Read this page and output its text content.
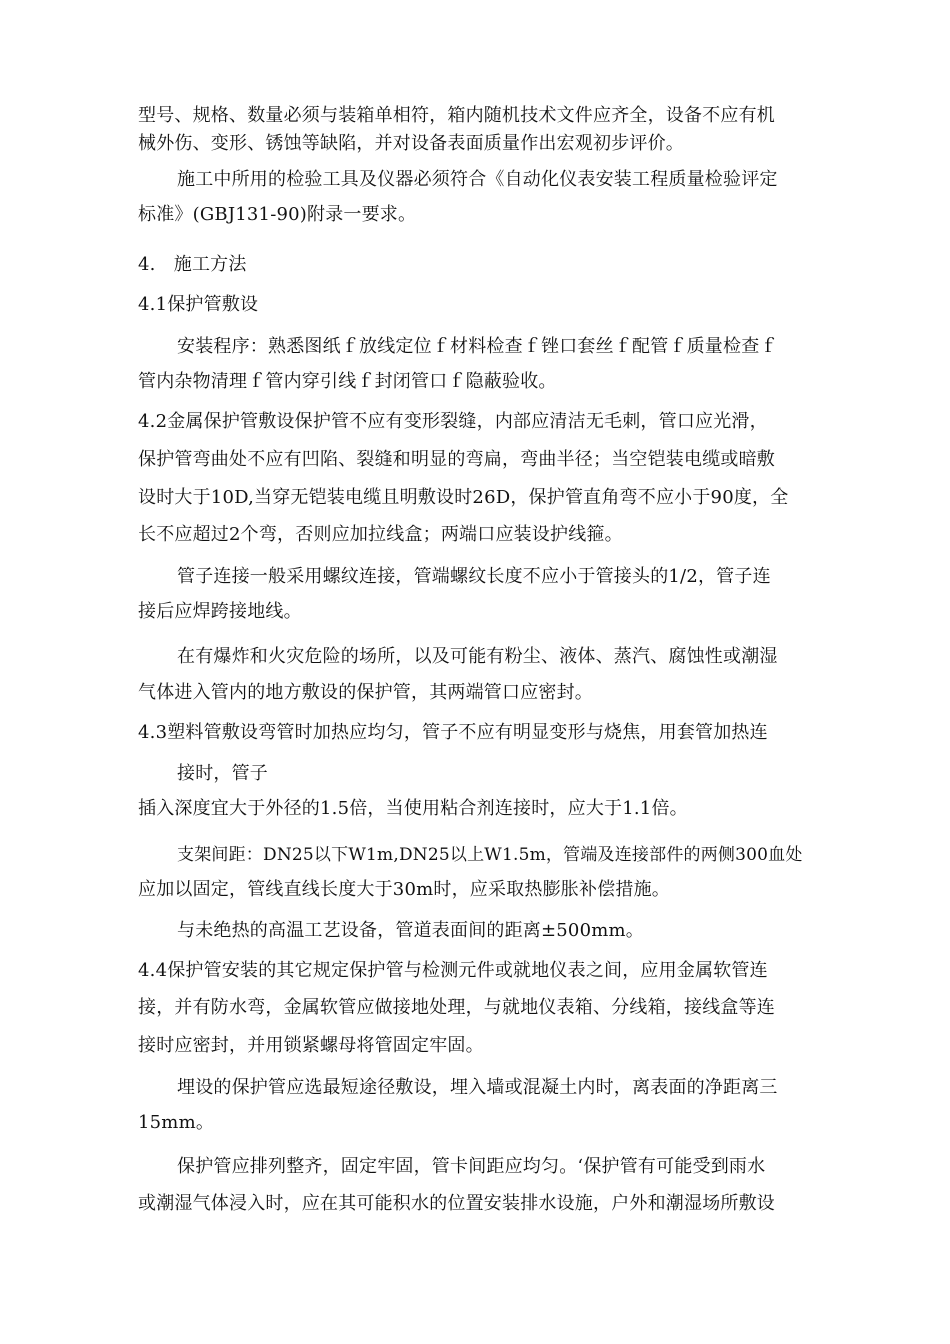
型号、规格、数量必须与装箱单相符，箱内随机技术文件应齐全，设备不应有机
械外伤、变形、锈蚀等缺陷，并对设备表面质量作出宏观初步评价。
施工中所用的检验工具及仪器必须符合《自动化仪表安装工程质量检验评定
标准》(GBJ131-90)附录一要求。
4.　施工方法
4.1保护管敷设
安装程序：熟悉图纸ｆ放线定位ｆ材料检查ｆ锉口套丝ｆ配管ｆ质量检查ｆ
管内杂物清理ｆ管内穿引线ｆ封闭管口ｆ隐蔽验收。
4.2金属保护管敷设保护管不应有变形裂缝，内部应清洁无毛刺，管口应光滑，
保护管弯曲处不应有凹陷、裂缝和明显的弯扁，弯曲半径；当空铠装电缆或暗敷
设时大于10D,当穿无铠装电缆且明敷设时26D，保护管直角弯不应小于90度，全
长不应超过2个弯，否则应加拉线盒；两端口应装设护线箍。
管子连接一般采用螺纹连接，管端螺纹长度不应小于管接头的1/2，管子连
接后应焊跨接地线。
在有爆炸和火灾危险的场所，以及可能有粉尘、液体、蒸汽、腐蚀性或潮湿
气体进入管内的地方敷设的保护管，其两端管口应密封。
4.3塑料管敷设弯管时加热应均匀，管子不应有明显变形与烧焦，用套管加热连
接时，管子
插入深度宜大于外径的1.5倍，当使用粘合剂连接时，应大于1.1倍。
支架间距：DN25以下W1m,DN25以上W1.5m，管端及连接部件的两侧300血处
应加以固定，管线直线长度大于30m时，应采取热膨胀补偿措施。
与未绝热的高温工艺设备，管道表面间的距离±500mm。
4.4保护管安装的其它规定保护管与检测元件或就地仪表之间，应用金属软管连
接，并有防水弯，金属软管应做接地处理，与就地仪表箱、分线箱，接线盒等连
接时应密封，并用锁紧螺母将管固定牢固。
埋设的保护管应选最短途径敷设，埋入墙或混凝土内时，离表面的净距离三
15mm。
保护管应排列整齐，固定牢固，管卡间距应均匀。‘保护管有可能受到雨水
或潮湿气体浸入时，应在其可能积水的位置安装排水设施，户外和潮湿场所敷设
